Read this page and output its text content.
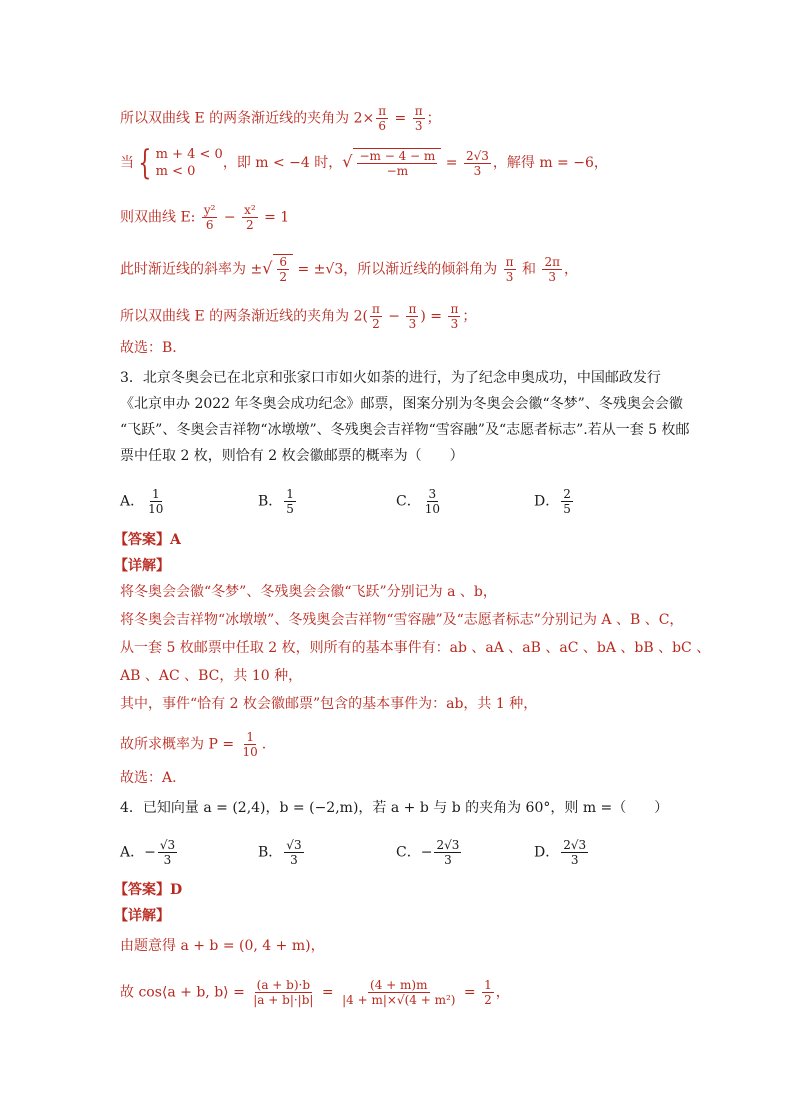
所以双曲线 E 的两条渐近线的夹角为 $2\times \frac{\pi}{6} = \frac{\pi}{3}$ ；
当 { m + 4 < 0
m < 0
，即 m < −4 时，√ $\frac{-m - 4 - m}{-m} = \frac{2√3}{3}$ ，解得 m = −6，
则双曲线 E: $\frac{\text{y²}}{6} - \frac{\text{x²}}{2} = 1$
此时渐近线的斜率为 ±√ $\frac{6}{2} = \pm√3$，所以渐近线的倾斜角为 $\frac{\pi}{3}$ 和 $\frac{2\pi}{3}$ ，
所以双曲线 E 的两条渐近线的夹角为 $2( \frac{\pi}{2} - \frac{\pi}{3}$ ) = $\frac{\pi}{3}$ ；
故选：B.
3．北京冬奥会已在北京和张家口市如火如荼的进行，为了纪念申奥成功，中国邮政发行
《北京申办 2022 年冬奥会成功纪念》邮票，图案分别为冬奥会会徽“冬梦”、冬残奥会会徽
“飞跃”、冬奥会吉祥物“冰墩墩”、冬残奥会吉祥物“雪容融”及“志愿者标志”.若从一套 5 枚邮
票中任取 2 枚，则恰有 2 枚会徽邮票的概率为（　　）
A． $\frac{1}{10}$	B． $\frac{1}{5}$	C． $\frac{3}{10}$	D． $\frac{2}{5}$
【答案】A
【详解】
将冬奥会会徽“冬梦”、冬残奥会会徽“飞跃”分别记为 a 、b，
将冬奥会吉祥物“冰墩墩”、冬残奥会吉祥物“雪容融”及“志愿者标志”分别记为 A 、B 、C，
从一套 5 枚邮票中任取 2 枚，则所有的基本事件有：ab 、aA 、aB 、aC 、bA 、bB 、bC 、
AB 、AC 、BC，共 10 种，
其中，事件“恰有 2 枚会徽邮票”包含的基本事件为：ab，共 1 种，
故所求概率为 $P = \frac{1}{10}$ .
故选：A.
4．已知向量 a = (2,4)，b = (−2,m)，若 a + b 与 b 的夹角为 60°，则 m =（　　）
A．− $\frac{√3}{3}$	B． $\frac{√3}{3}$	C．− $\frac{2√3}{3}$	D． $\frac{2√3}{3}$
【答案】D
【详解】
由题意得 a + b = (0, 4 + m)，
故 cos⟨a + b, b⟩ = $\frac{(a + b)\cdot b}{|a + b|\cdot|b|} = \frac{(4 + m)m}{\text{|4 + m|×√(4 + m²)}} = \frac{1}{2}$ ，
